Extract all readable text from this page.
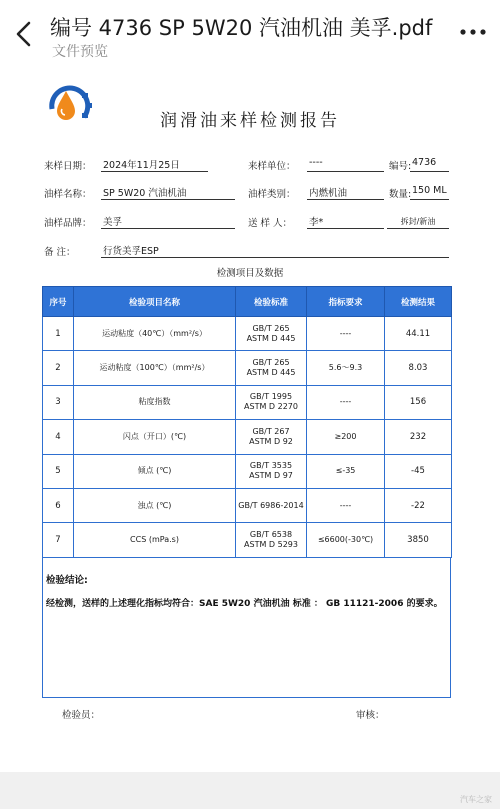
编号 4736 SP 5W20 汽油机油 美孚.pdf
文件预览
润滑油来样检测报告
来样日期： 2024年11月25日	来样单位： ----	编号: 4736
油样名称： SP 5W20 汽油机油	油样类别： 内燃机油	数量: 150 ML
油样品牌： 美孚	送 样 人： 李*	拆封/新油
备 注：	行货美孚ESP
检测项目及数据
序号	检验项目名称	检验标准	指标要求	检测结果
1	运动粘度（40℃）（mm²/s）	GB/T 265
ASTM D 445	----	44.11
2	运动粘度（100℃）（mm²/s）	GB/T 265
ASTM D 445	5.6～9.3	8.03
3	粘度指数	GB/T 1995
ASTM D 2270	----	156
4	闪点（开口）(℃)	GB/T 267
ASTM D 92	≥200	232
5	倾点 (℃)	GB/T 3535
ASTM D 97	≤-35	-45
6	浊点 (℃)	GB/T 6986-2014	----	-22
7	CCS (mPa.s)	GB/T 6538
ASTM D 5293	≤6600(-30℃)	3850
检验结论:
经检测，送样的上述理化指标均符合：SAE 5W20 汽油机油 标准 ： GB 11121-2006 的要求。
检验员：	审核：
汽车之家
